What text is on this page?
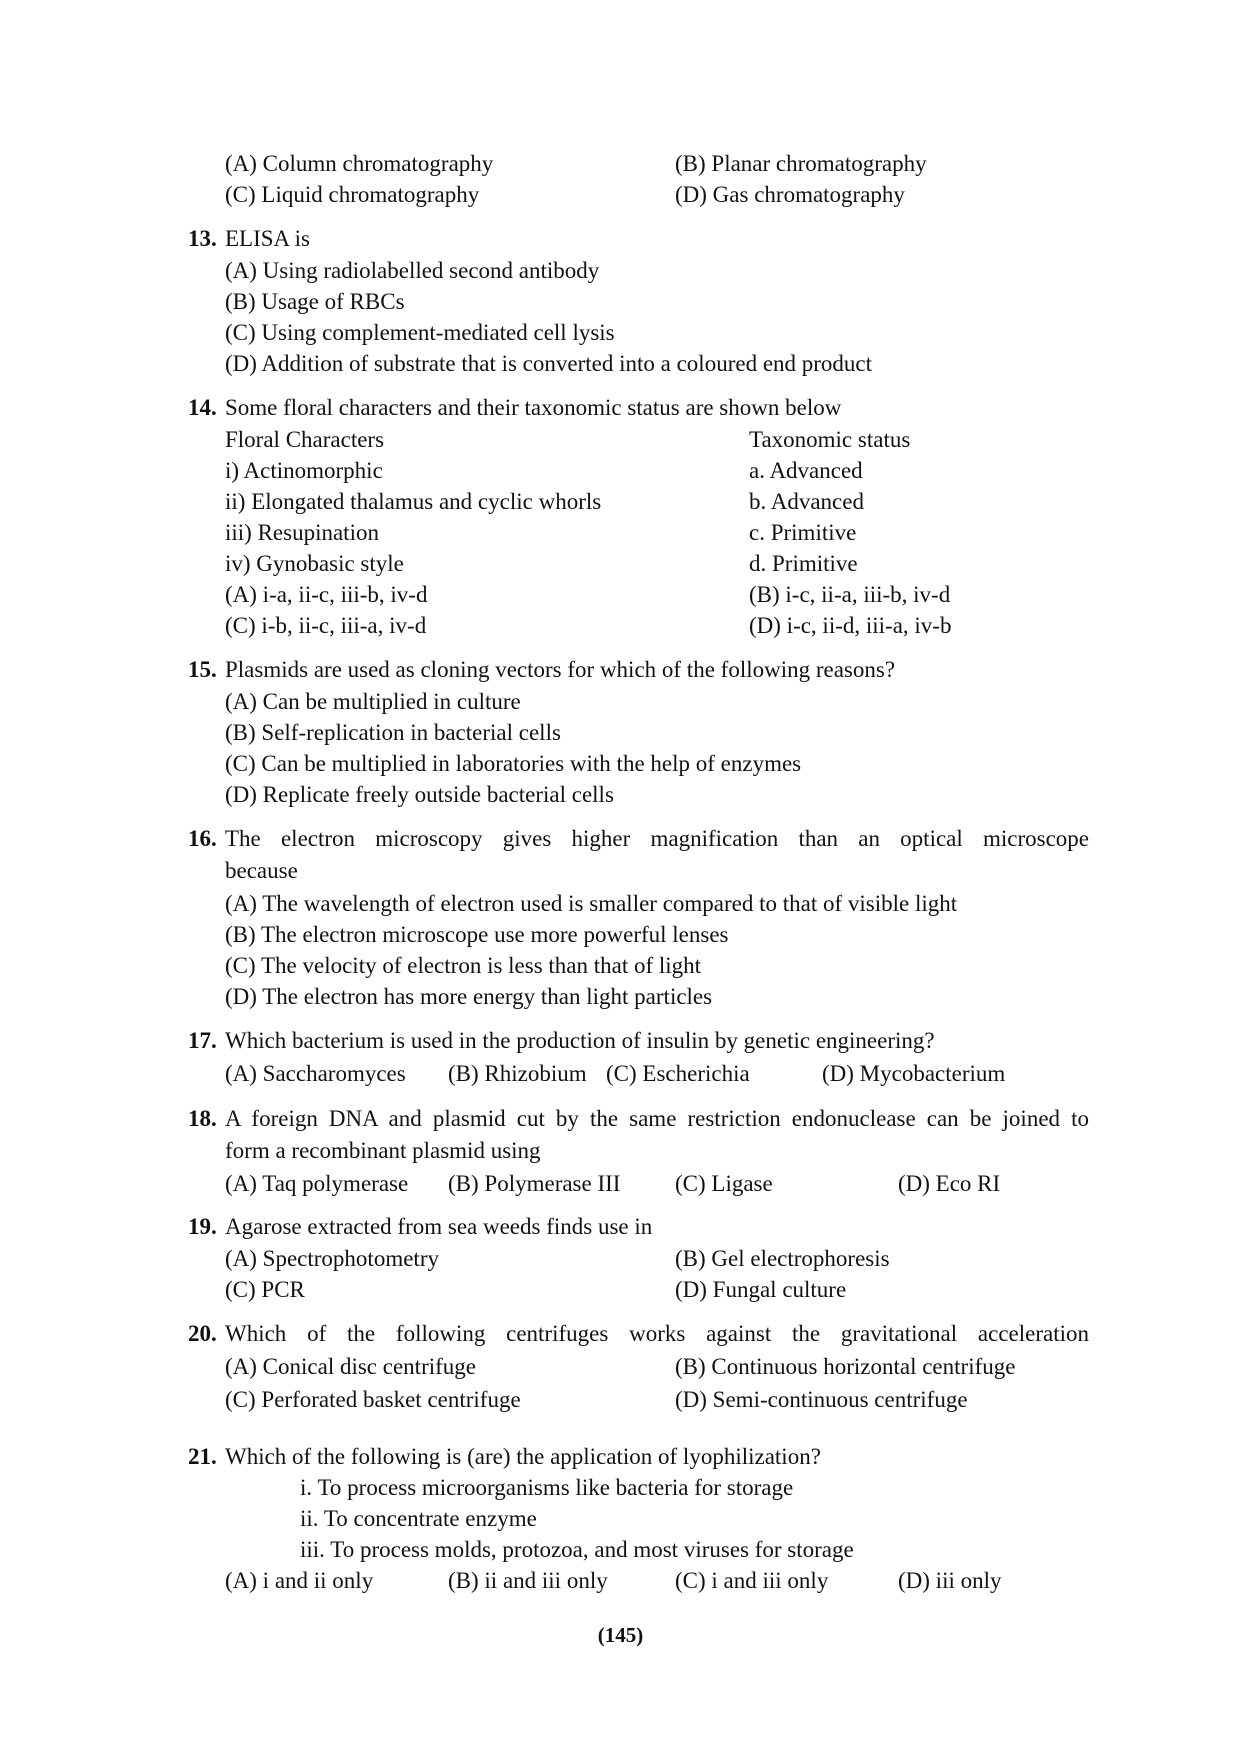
(A) Column chromatography	(B) Planar chromatography
(C) Liquid chromatography	(D) Gas chromatography
13. ELISA is
(A) Using radiolabelled second antibody
(B) Usage of RBCs
(C) Using complement-mediated cell lysis
(D) Addition of substrate that is converted into a coloured end product
14. Some floral characters and their taxonomic status are shown below
Floral Characters	Taxonomic status
i) Actinomorphic	a. Advanced
ii) Elongated thalamus and cyclic whorls	b. Advanced
iii) Resupination	c. Primitive
iv) Gynobasic style	d. Primitive
(A) i-a, ii-c, iii-b, iv-d	(B) i-c, ii-a, iii-b, iv-d
(C) i-b, ii-c, iii-a, iv-d	(D) i-c, ii-d, iii-a, iv-b
15. Plasmids are used as cloning vectors for which of the following reasons?
(A) Can be multiplied in culture
(B) Self-replication in bacterial cells
(C) Can be multiplied in laboratories with the help of enzymes
(D) Replicate freely outside bacterial cells
16. The electron microscopy gives higher magnification than an optical microscope
because
(A) The wavelength of electron used is smaller compared to that of visible light
(B) The electron microscope use more powerful lenses
(C) The velocity of electron is less than that of light
(D) The electron has more energy than light particles
17. Which bacterium is used in the production of insulin by genetic engineering?
(A) Saccharomyces (B) Rhizobium (C) Escherichia	(D) Mycobacterium
18. A foreign DNA and plasmid cut by the same restriction endonuclease can be joined to
form a recombinant plasmid using
(A) Taq polymerase (B) Polymerase III (C) Ligase	(D) Eco RI
19. Agarose extracted from sea weeds finds use in
(A) Spectrophotometry	(B) Gel electrophoresis
(C) PCR	(D) Fungal culture
20. Which of the following centrifuges works against the gravitational acceleration
(A) Conical disc centrifuge	(B) Continuous horizontal centrifuge
(C) Perforated basket centrifuge	(D) Semi-continuous centrifuge
21. Which of the following is (are) the application of lyophilization?
i. To process microorganisms like bacteria for storage
ii. To concentrate enzyme
iii. To process molds, protozoa, and most viruses for storage
(A) i and ii only	(B) ii and iii only	(C) i and iii only	(D) iii only
(145)
